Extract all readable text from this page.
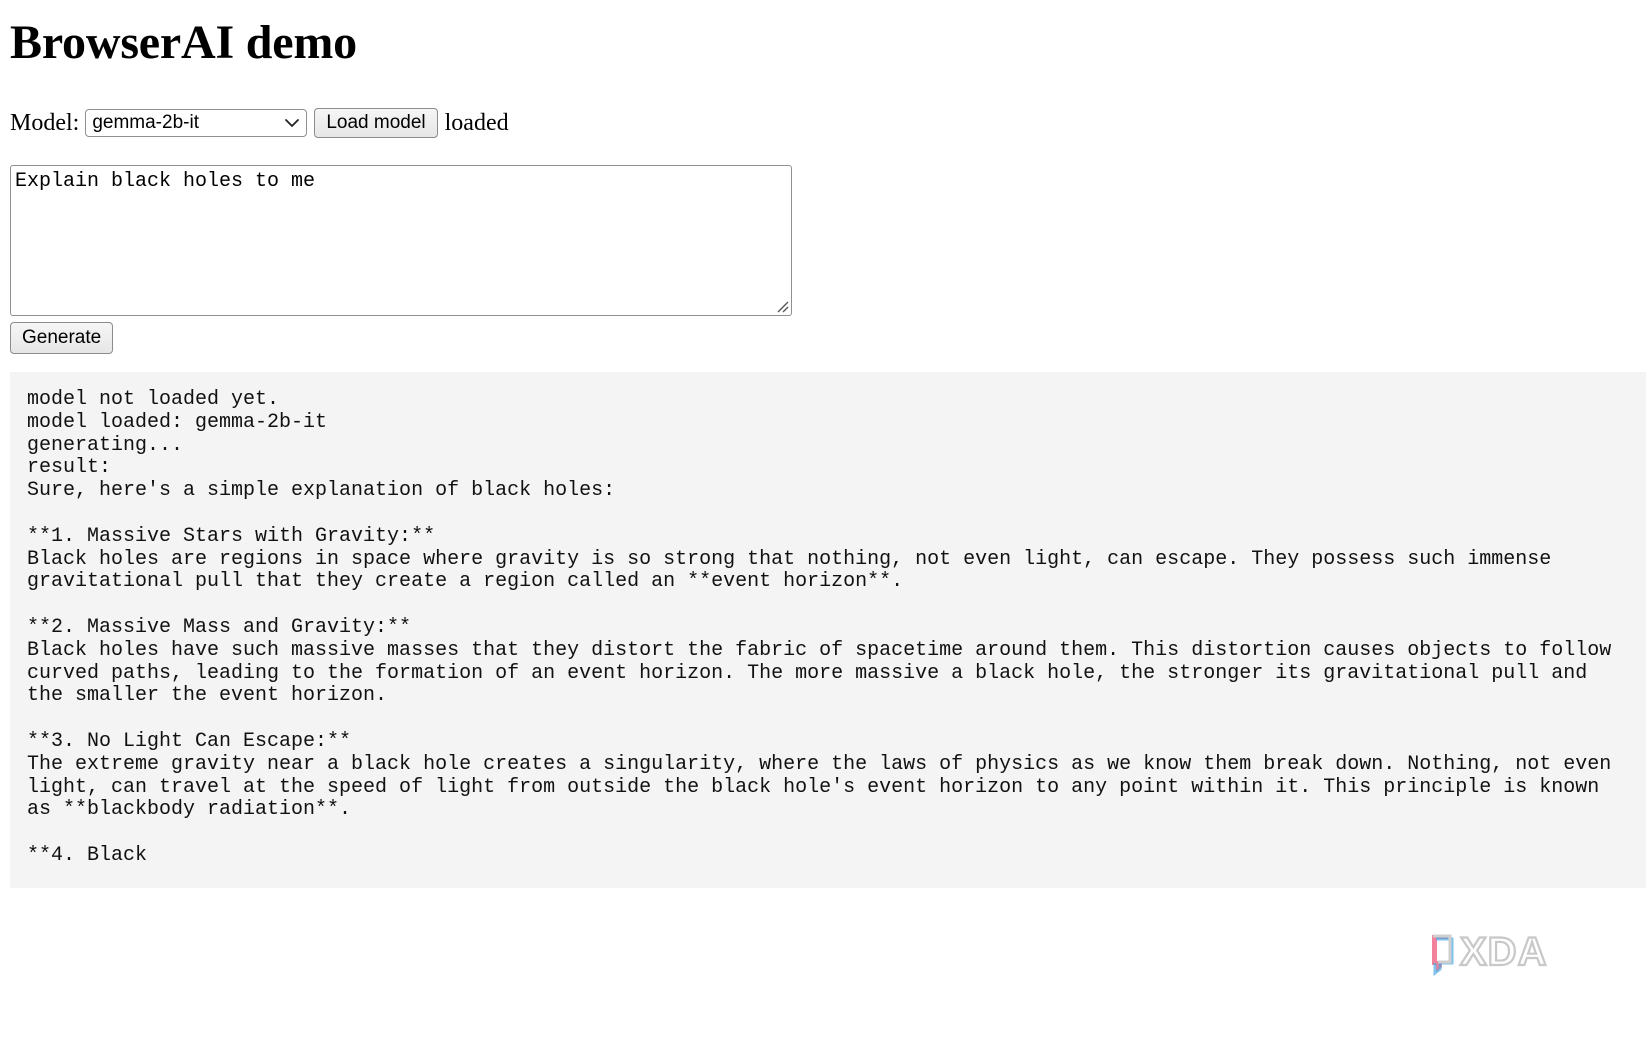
BrowserAI demo
Model: gemma-2b-it	Load model loaded
Explain black holes to me
Generate
model not loaded yet.
model loaded: gemma-2b-it
generating...
result:
Sure, here's a simple explanation of black holes:

**1. Massive Stars with Gravity:**
Black holes are regions in space where gravity is so strong that nothing, not even light, can escape. They possess such immense
gravitational pull that they create a region called an **event horizon**.

**2. Massive Mass and Gravity:**
Black holes have such massive masses that they distort the fabric of spacetime around them. This distortion causes objects to follow
curved paths, leading to the formation of an event horizon. The more massive a black hole, the stronger its gravitational pull and
the smaller the event horizon.

**3. No Light Can Escape:**
The extreme gravity near a black hole creates a singularity, where the laws of physics as we know them break down. Nothing, not even
light, can travel at the speed of light from outside the black hole's event horizon to any point within it. This principle is known
as **blackbody radiation**.

**4. Black
XDA
